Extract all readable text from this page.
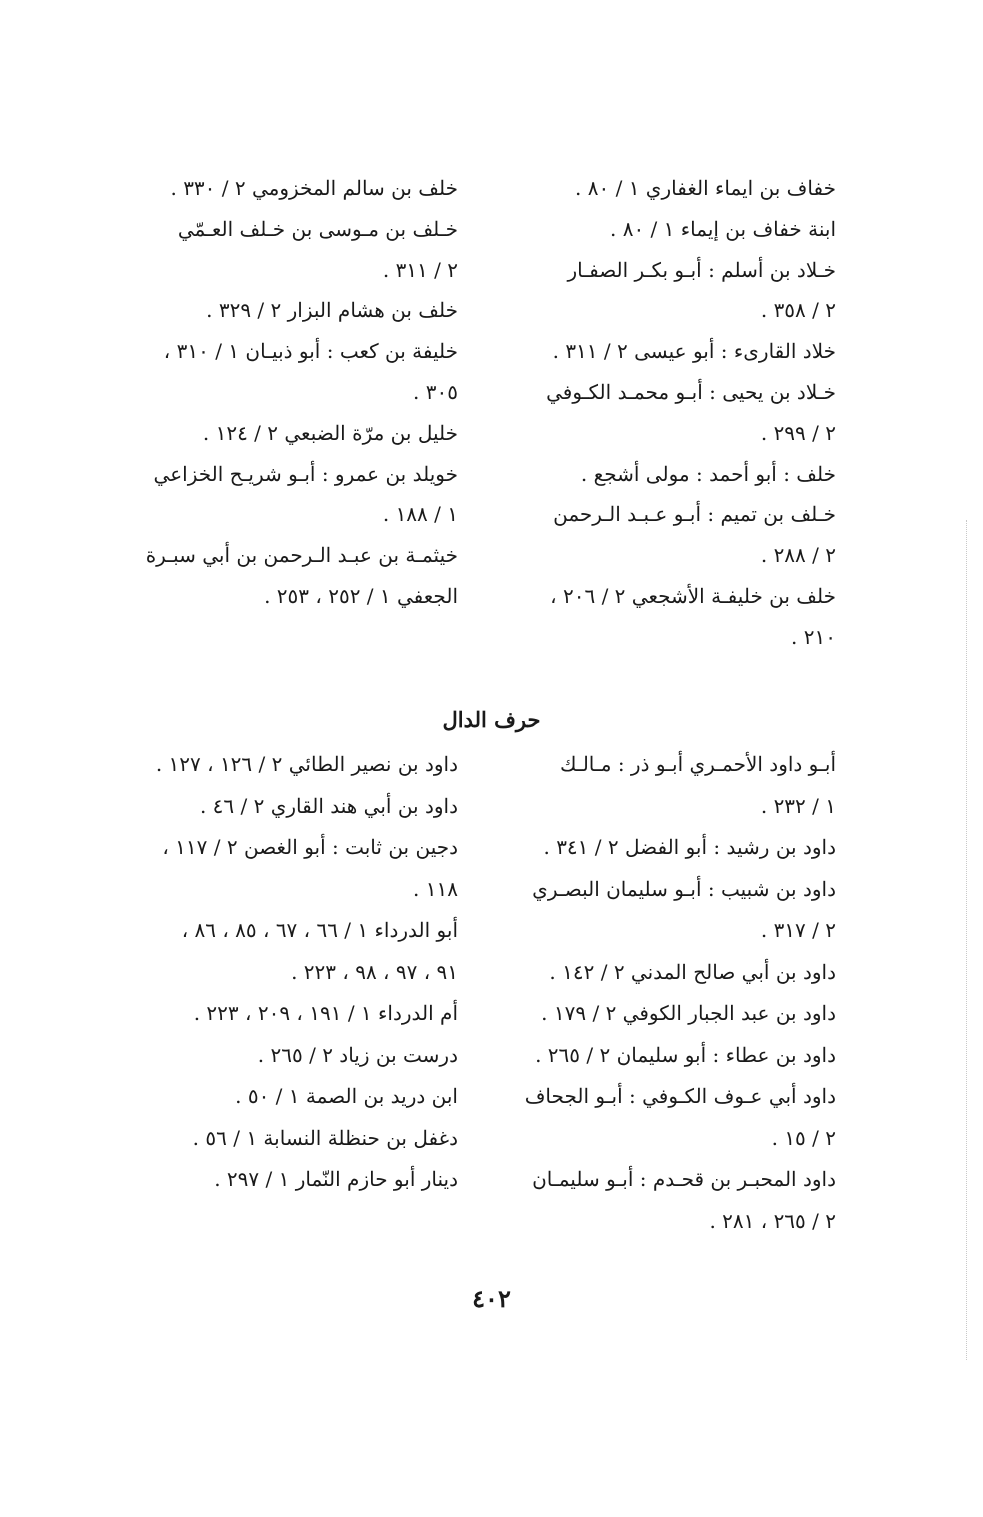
خفاف بن ايماء الغفاري ١ / ٨٠ .

ابنة خفاف بن إيماء ١ / ٨٠ .

خـلاد بن أسلم : أبـو بكـر الصفـار

٢ / ٣٥٨ .

خلاد القارىء : أبو عيسى ٢ / ٣١١ .

خـلاد بن يحيى : أبـو محمـد الكـوفي

٢ / ٢٩٩ .

خلف : أبو أحمد : مولى أشجع .

خـلف بن تميم : أبـو عـبـد الـرحمن

٢ / ٢٨٨ .

خلف بن خليفـة الأشجعي ٢ / ٢٠٦ ،

٢١٠ .

خلف بن سالم المخزومي ٢ / ٣٣٠ .

خـلف بن مـوسى بن خـلف العـمّي

٢ / ٣١١ .

خلف بن هشام البزار ٢ / ٣٢٩ .

خليفة بن كعب : أبو ذبيـان ١ / ٣١٠ ،

٣٠٥ .

خليل بن مرّة الضبعي ٢ / ١٢٤ .

خويلد بن عمرو : أبـو شريـح الخزاعي

١ / ١٨٨ .

خيثمـة بن عبـد الـرحمن بن أبي سبـرة

الجعفي ١ / ٢٥٢ ، ٢٥٣ .

حرف الدال

أبـو داود الأحمـري أبـو ذر : مـالـك

١ / ٢٣٢ .

داود بن رشيد : أبو الفضل ٢ / ٣٤١ .

داود بن شبيب : أبـو سليمان البصـري

٢ / ٣١٧ .

داود بن أبي صالح المدني ٢ / ١٤٢ .

داود بن عبد الجبار الكوفي ٢ / ١٧٩ .

داود بن عطاء : أبو سليمان ٢ / ٢٦٥ .

داود أبي عـوف الكـوفي : أبـو الجحاف

٢ / ١٥ .

داود المحبـر بن قحـدم : أبـو سليمـان

٢ / ٢٦٥ ، ٢٨١ .

داود بن نصير الطائي ٢ / ١٢٦ ، ١٢٧ .

داود بن أبي هند القاري ٢ / ٤٦ .

دجين بن ثابت : أبو الغصن ٢ / ١١٧ ،

١١٨ .

أبو الدرداء ١ / ٦٦ ، ٦٧ ، ٨٥ ، ٨٦ ،

٩١ ، ٩٧ ، ٩٨ ، ٢٢٣ .

أم الدرداء ١ / ١٩١ ، ٢٠٩ ، ٢٢٣ .

درست بن زياد ٢ / ٢٦٥ .

ابن دريد بن الصمة ١ / ٥٠ .

دغفل بن حنظلة النسابة ١ / ٥٦ .

دينار أبو حازم النّمار ١ / ٢٩٧ .

٤٠٢
